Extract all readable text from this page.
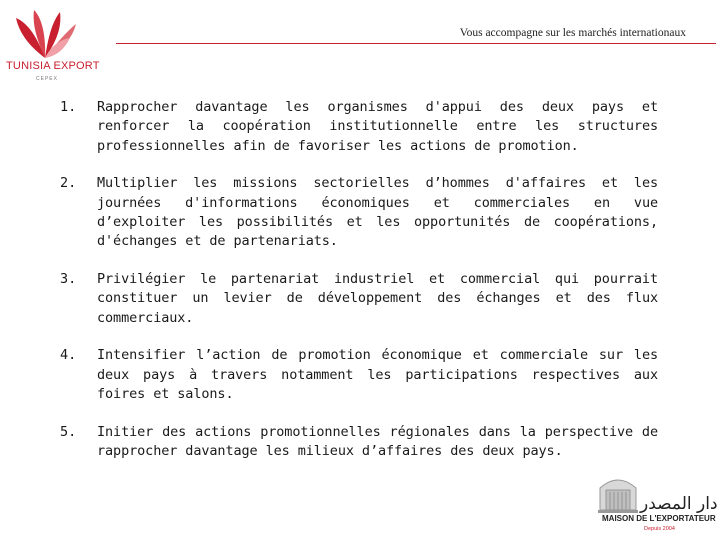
TUNISIA EXPORT
CEPEX
Vous accompagne sur les marchés internationaux
1. Rapprocher davantage les organismes d'appui des deux pays et renforcer la coopération institutionnelle entre les structures professionnelles afin de favoriser les actions de promotion.
2. Multiplier les missions sectorielles d’hommes d'affaires et les journées d'informations économiques et commerciales en vue d’exploiter les possibilités et les opportunités de coopérations, d'échanges et de partenariats.
3. Privilégier le partenariat industriel et commercial qui pourrait constituer un levier de développement des échanges et des flux commerciaux.
4. Intensifier l’action de promotion économique et commerciale sur les deux pays à travers notamment les participations respectives aux foires et salons.
5. Initier des actions promotionnelles régionales dans la perspective de rapprocher davantage les milieux d’affaires des deux pays.
دار المصدر
MAISON DE L'EXPORTATEUR
Depuis 2004
